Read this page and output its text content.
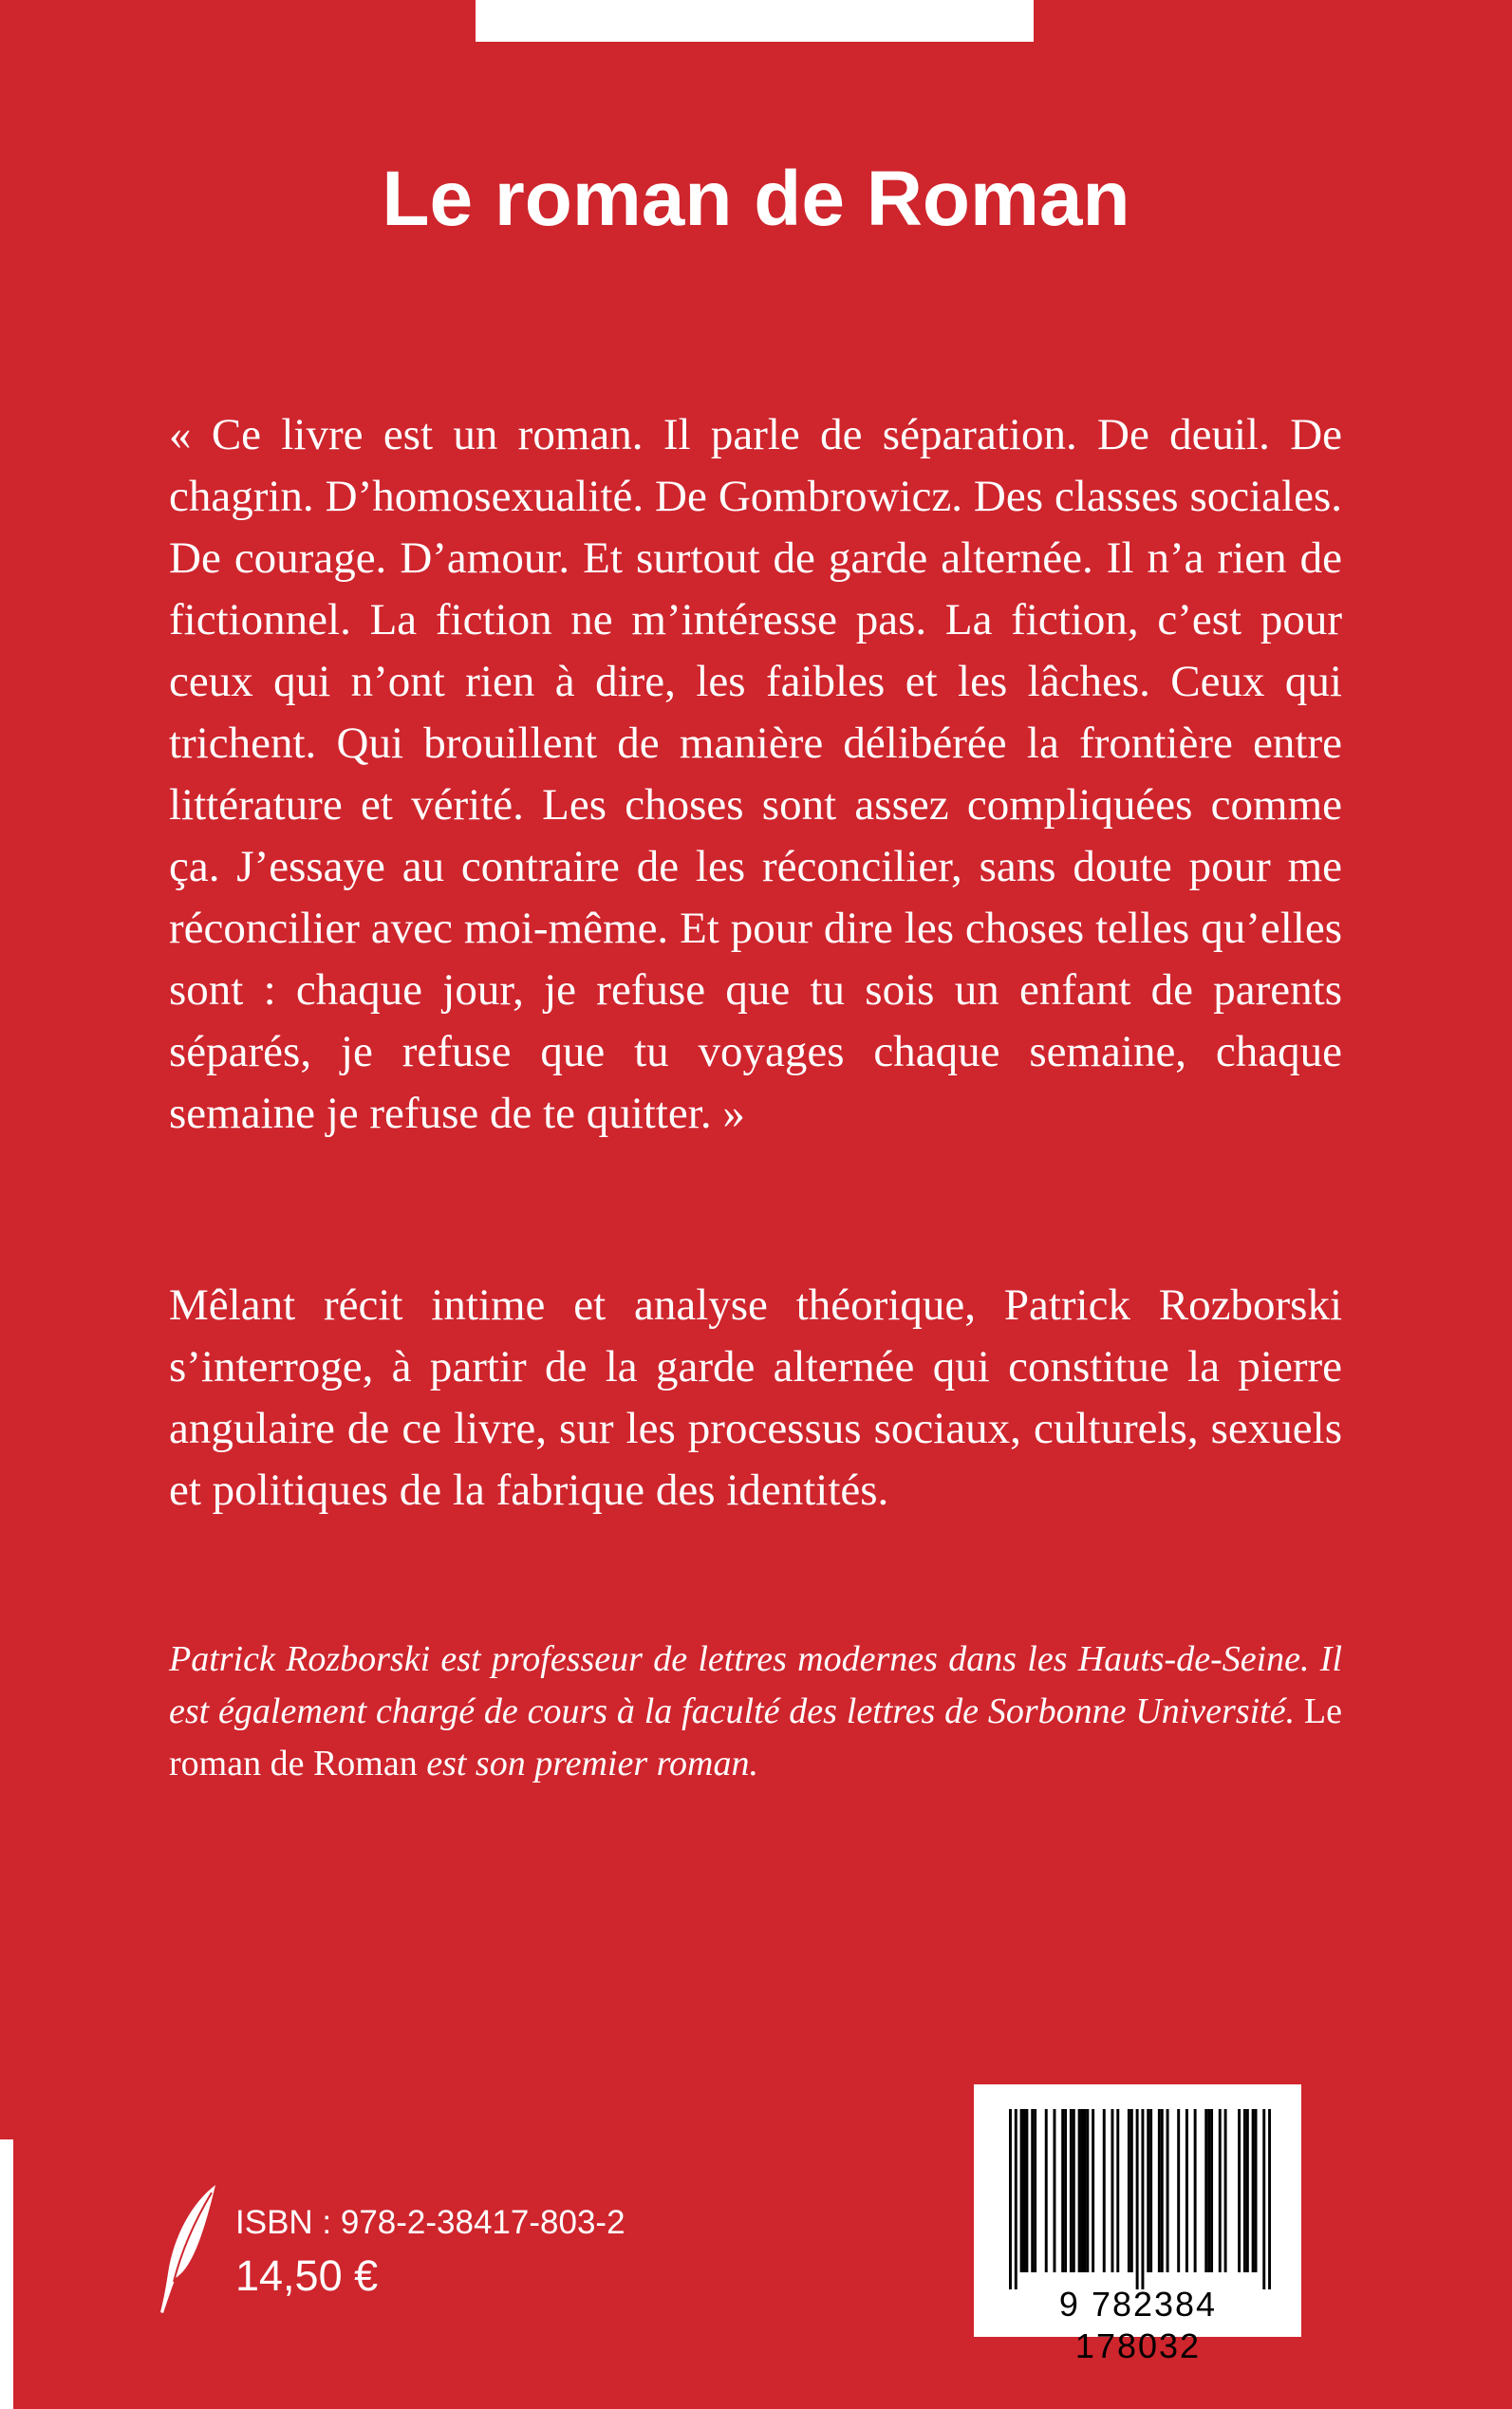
Le roman de Roman

« Ce livre est un roman. Il parle de séparation. De deuil. De chagrin. D’homosexualité. De Gombrowicz. Des classes sociales. De courage. D’amour. Et surtout de garde alternée. Il n’a rien de fictionnel. La fiction ne m’intéresse pas. La fiction, c’est pour ceux qui n’ont rien à dire, les faibles et les lâches. Ceux qui trichent. Qui brouillent de manière délibérée la frontière entre littérature et vérité. Les choses sont assez compliquées comme ça. J’essaye au contraire de les réconcilier, sans doute pour me réconcilier avec moi-même. Et pour dire les choses telles qu’elles sont : chaque jour, je refuse que tu sois un enfant de parents séparés, je refuse que tu voyages chaque semaine, chaque semaine je refuse de te quitter. »

Mêlant récit intime et analyse théorique, Patrick Rozborski s’interroge, à partir de la garde alternée qui constitue la pierre angulaire de ce livre, sur les processus sociaux, culturels, sexuels et politiques de la fabrique des identités.

Patrick Rozborski est professeur de lettres modernes dans les Hauts-de-Seine. Il est également chargé de cours à la faculté des lettres de Sorbonne Université. Le roman de Roman est son premier roman.

ISBN : 978-2-38417-803-2
14,50 €
9 782384 178032
